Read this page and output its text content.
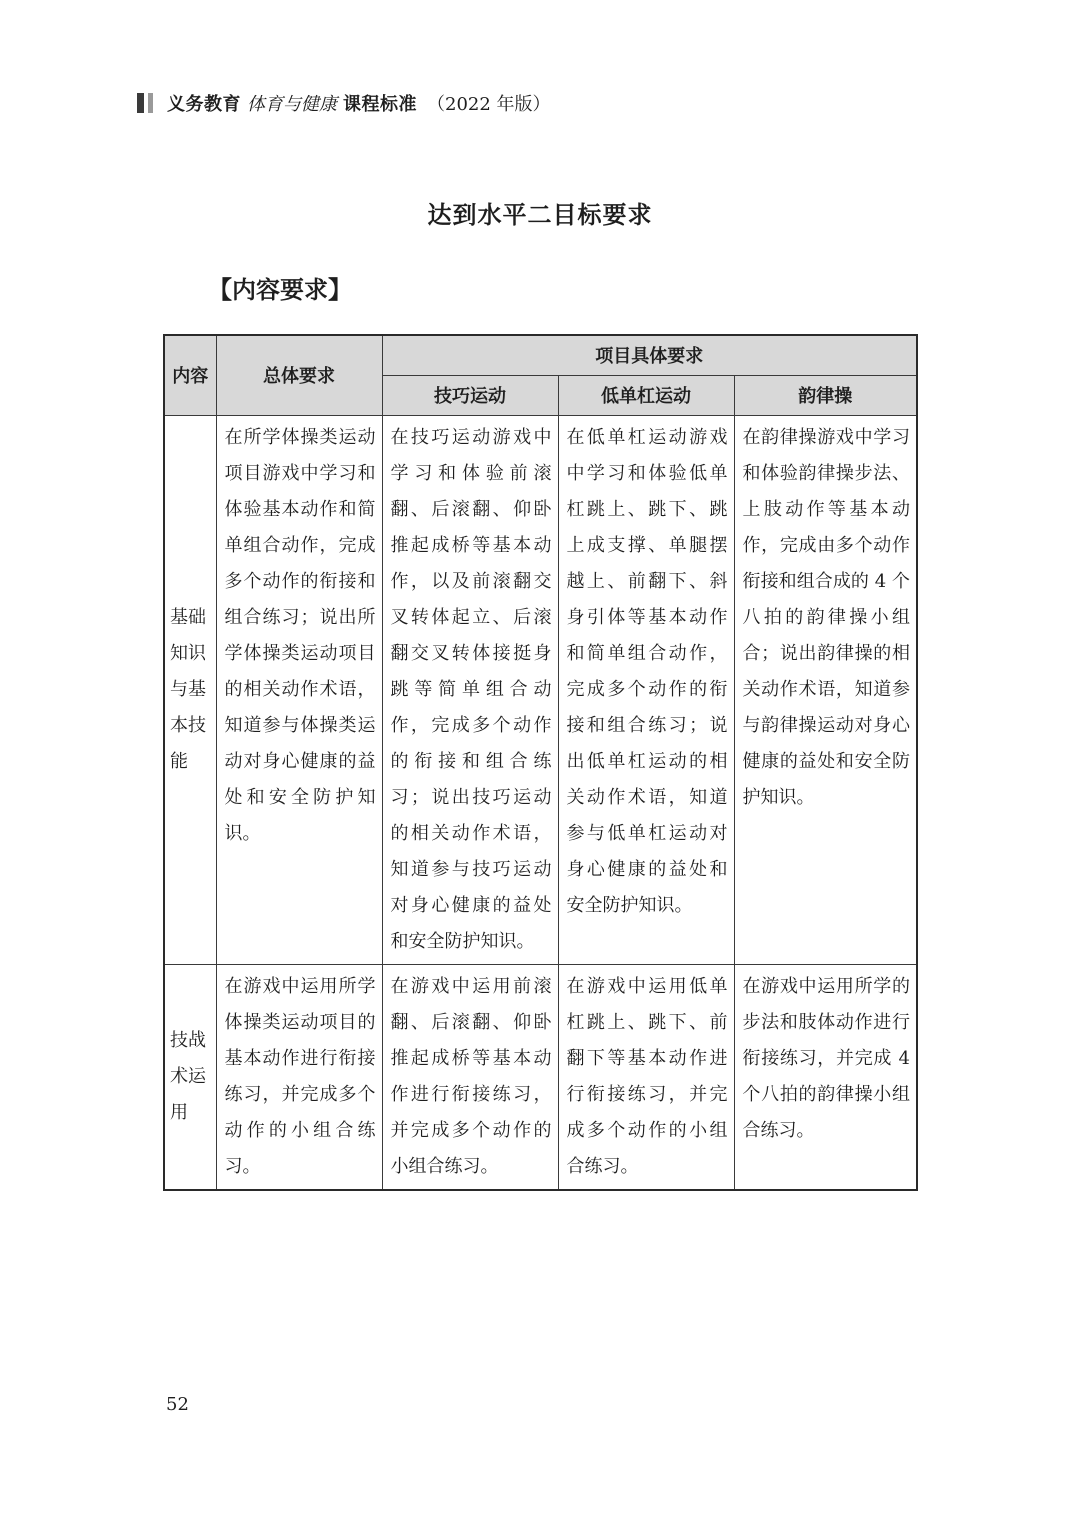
义务教育 体育与健康 课程标准 （2022 年版）
达到水平二目标要求
【内容要求】
内容	总体要求	项目具体要求		
		技巧运动	低单杠运动	韵律操
基础知识与基本技能	在所学体操类运动项目游戏中学习和体验基本动作和简单组合动作，完成多个动作的衔接和组合练习；说出所学体操类运动项目的相关动作术语，知道参与体操类运动对身心健康的益处和安全防护知识。	在技巧运动游戏中学习和体验前滚翻、后滚翻、仰卧推起成桥等基本动作，以及前滚翻交叉转体起立、后滚翻交叉转体接挺身跳等简单组合动作，完成多个动作的衔接和组合练习；说出技巧运动的相关动作术语，知道参与技巧运动对身心健康的益处和安全防护知识。	在低单杠运动游戏中学习和体验低单杠跳上、跳下、跳上成支撑、单腿摆越上、前翻下、斜身引体等基本动作和简单组合动作，完成多个动作的衔接和组合练习；说出低单杠运动的相关动作术语，知道参与低单杠运动对身心健康的益处和安全防护知识。	在韵律操游戏中学习和体验韵律操步法、上肢动作等基本动作，完成由多个动作衔接和组合成的 4 个八拍的韵律操小组合；说出韵律操的相关动作术语，知道参与韵律操运动对身心健康的益处和安全防护知识。
技战术运用	在游戏中运用所学体操类运动项目的基本动作进行衔接练习，并完成多个动作的小组合练习。	在游戏中运用前滚翻、后滚翻、仰卧推起成桥等基本动作进行衔接练习，并完成多个动作的小组合练习。	在游戏中运用低单杠跳上、跳下、前翻下等基本动作进行衔接练习，并完成多个动作的小组合练习。	在游戏中运用所学的步法和肢体动作进行衔接练习，并完成 4 个八拍的韵律操小组合练习。
52
